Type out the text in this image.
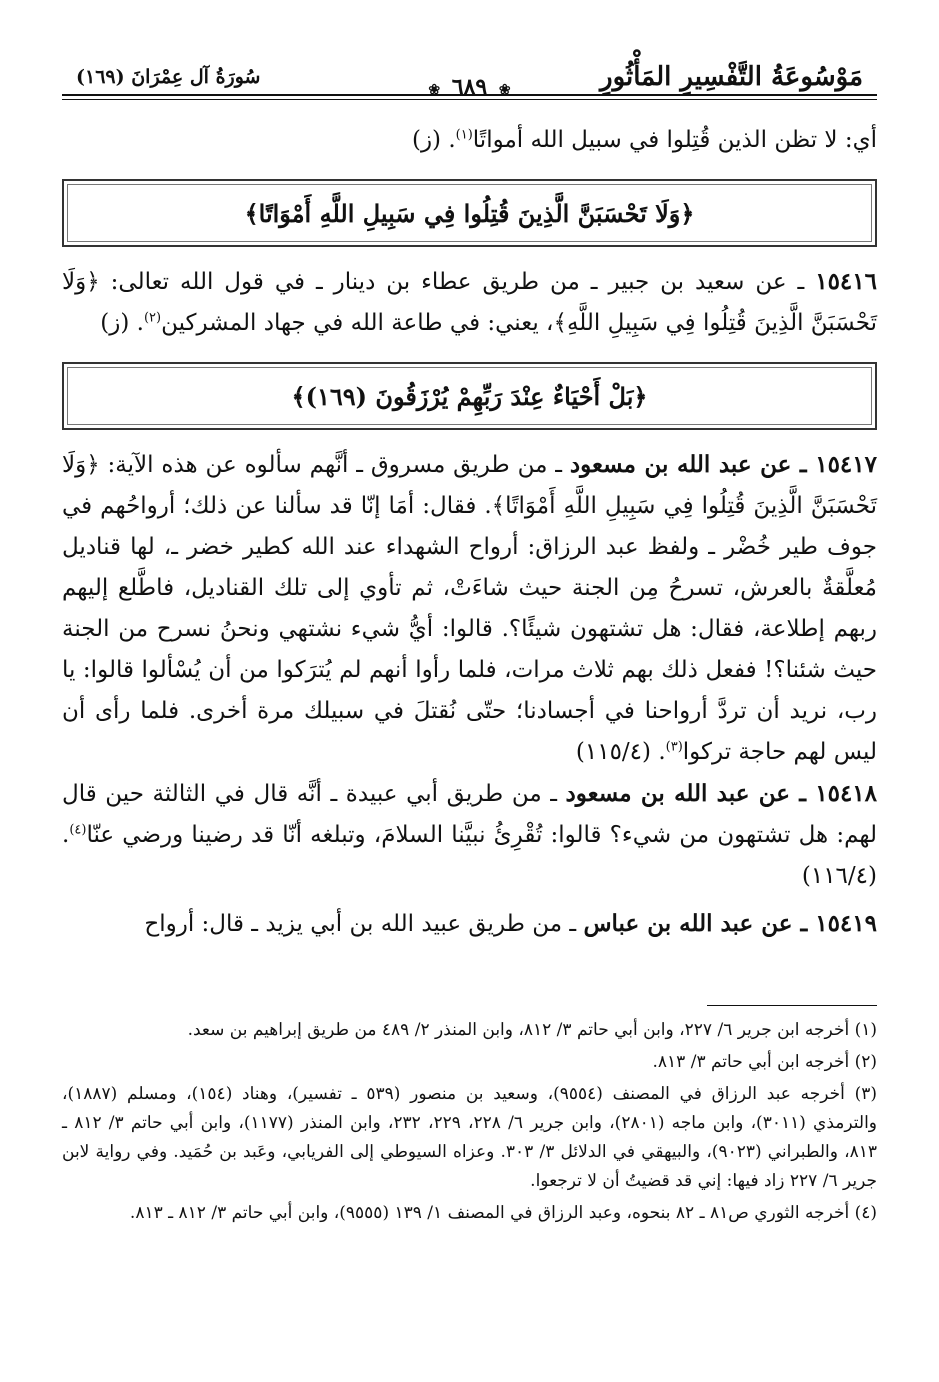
مَوْسُوعَةُ التَّفْسِيرِ المَأْثُورِ
❀ ٦٨٩ ❀
سُورَةُ آل عِمْرَانَ (١٦٩)

أي: لا تظن الذين قُتِلوا في سبيل الله أمواتًا$^{(١)}$. (ز)

﴿وَلَا تَحْسَبَنَّ الَّذِينَ قُتِلُوا فِي سَبِيلِ اللَّهِ أَمْوَاتًا﴾

١٥٤١٦ ـ عن سعيد بن جبير ـ من طريق عطاء بن دينار ـ في قول الله تعالى: ﴿وَلَا تَحْسَبَنَّ الَّذِينَ قُتِلُوا فِي سَبِيلِ اللَّهِ﴾، يعني: في طاعة الله في جهاد المشركين$^{(٢)}$. (ز)

﴿بَلْ أَحْيَاءٌ عِنْدَ رَبِّهِمْ يُرْزَقُونَ (١٦٩)﴾

١٥٤١٧ ـ عن عبد الله بن مسعود ـ من طريق مسروق ـ أنَّهم سألوه عن هذه الآية: ﴿وَلَا تَحْسَبَنَّ الَّذِينَ قُتِلُوا فِي سَبِيلِ اللَّهِ أَمْوَاتًا﴾. فقال: أمَا إنّا قد سألنا عن ذلك؛ أرواحُهم في جوف طير خُضْر ـ ولفظ عبد الرزاق: أرواح الشهداء عند الله كطير خضر ـ، لها قناديل مُعلَّقةٌ بالعرش، تسرحُ مِن الجنة حيث شاءَتْ، ثم تأوي إلى تلك القناديل، فاطَّلع إليهم ربهم إطلاعة، فقال: هل تشتهون شيئًا؟. قالوا: أيُّ شيء نشتهي ونحنُ نسرح من الجنة حيث شئنا؟! ففعل ذلك بهم ثلاث مرات، فلما رأوا أنهم لم يُترَكوا من أن يُسْألوا قالوا: يا رب، نريد أن تردَّ أرواحنا في أجسادنا؛ حتّى نُقتلَ في سبيلك مرة أخرى. فلما رأى أن ليس لهم حاجة تركوا$^{(٣)}$. (١١٥/٤)

١٥٤١٨ ـ عن عبد الله بن مسعود ـ من طريق أبي عبيدة ـ أنَّه قال في الثالثة حين قال لهم: هل تشتهون من شيء؟ قالوا: تُقْرِئُ نبيَّنا السلامَ، وتبلغه أنّا قد رضينا ورضي عنّا$^{(٤)}$. (١١٦/٤)

١٥٤١٩ ـ عن عبد الله بن عباس ـ من طريق عبيد الله بن أبي يزيد ـ قال: أرواح

(١) أخرجه ابن جرير ٦/ ٢٢٧، وابن أبي حاتم ٣/ ٨١٢، وابن المنذر ٢/ ٤٨٩ من طريق إبراهيم بن سعد.

(٢) أخرجه ابن أبي حاتم ٣/ ٨١٣.

(٣) أخرجه عبد الرزاق في المصنف (٩٥٥٤)، وسعيد بن منصور (٥٣٩ ـ تفسير)، وهناد (١٥٤)، ومسلم (١٨٨٧)، والترمذي (٣٠١١)، وابن ماجه (٢٨٠١)، وابن جرير ٦/ ٢٢٨، ٢٢٩، ٢٣٢، وابن المنذر (١١٧٧)، وابن أبي حاتم ٣/ ٨١٢ ـ ٨١٣، والطبراني (٩٠٢٣)، والبيهقي في الدلائل ٣/ ٣٠٣. وعزاه السيوطي إلى الفريابي، وعَبد بن حُمَيد. وفي رواية لابن جرير ٦/ ٢٢٧ زاد فيها: إني قد قضيتُ أن لا ترجعوا.

(٤) أخرجه الثوري ص٨١ ـ ٨٢ بنحوه، وعبد الرزاق في المصنف ١/ ١٣٩ (٩٥٥٥)، وابن أبي حاتم ٣/ ٨١٢ ـ ٨١٣.
